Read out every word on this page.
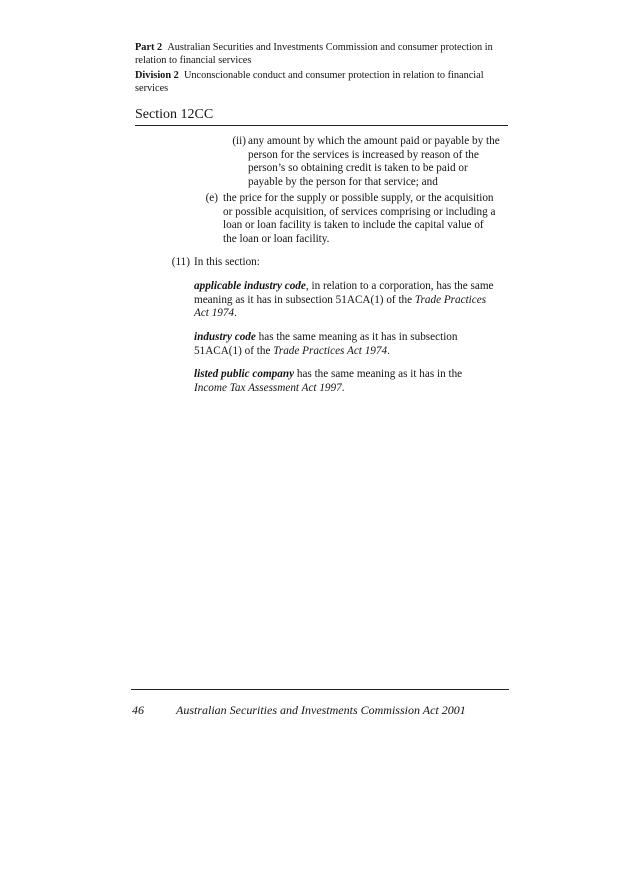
Part 2 Australian Securities and Investments Commission and consumer protection in
relation to financial services
Division 2 Unconscionable conduct and consumer protection in relation to financial
services
Section 12CC
(ii) any amount by which the amount paid or payable by the
person for the services is increased by reason of the
person’s so obtaining credit is taken to be paid or
payable by the person for that service; and
(e) the price for the supply or possible supply, or the acquisition
or possible acquisition, of services comprising or including a
loan or loan facility is taken to include the capital value of
the loan or loan facility.
(11) In this section:
applicable industry code, in relation to a corporation, has the same
meaning as it has in subsection 51ACA(1) of the Trade Practices
Act 1974.
industry code has the same meaning as it has in subsection
51ACA(1) of the Trade Practices Act 1974.
listed public company has the same meaning as it has in the
Income Tax Assessment Act 1997.
46	Australian Securities and Investments Commission Act 2001
